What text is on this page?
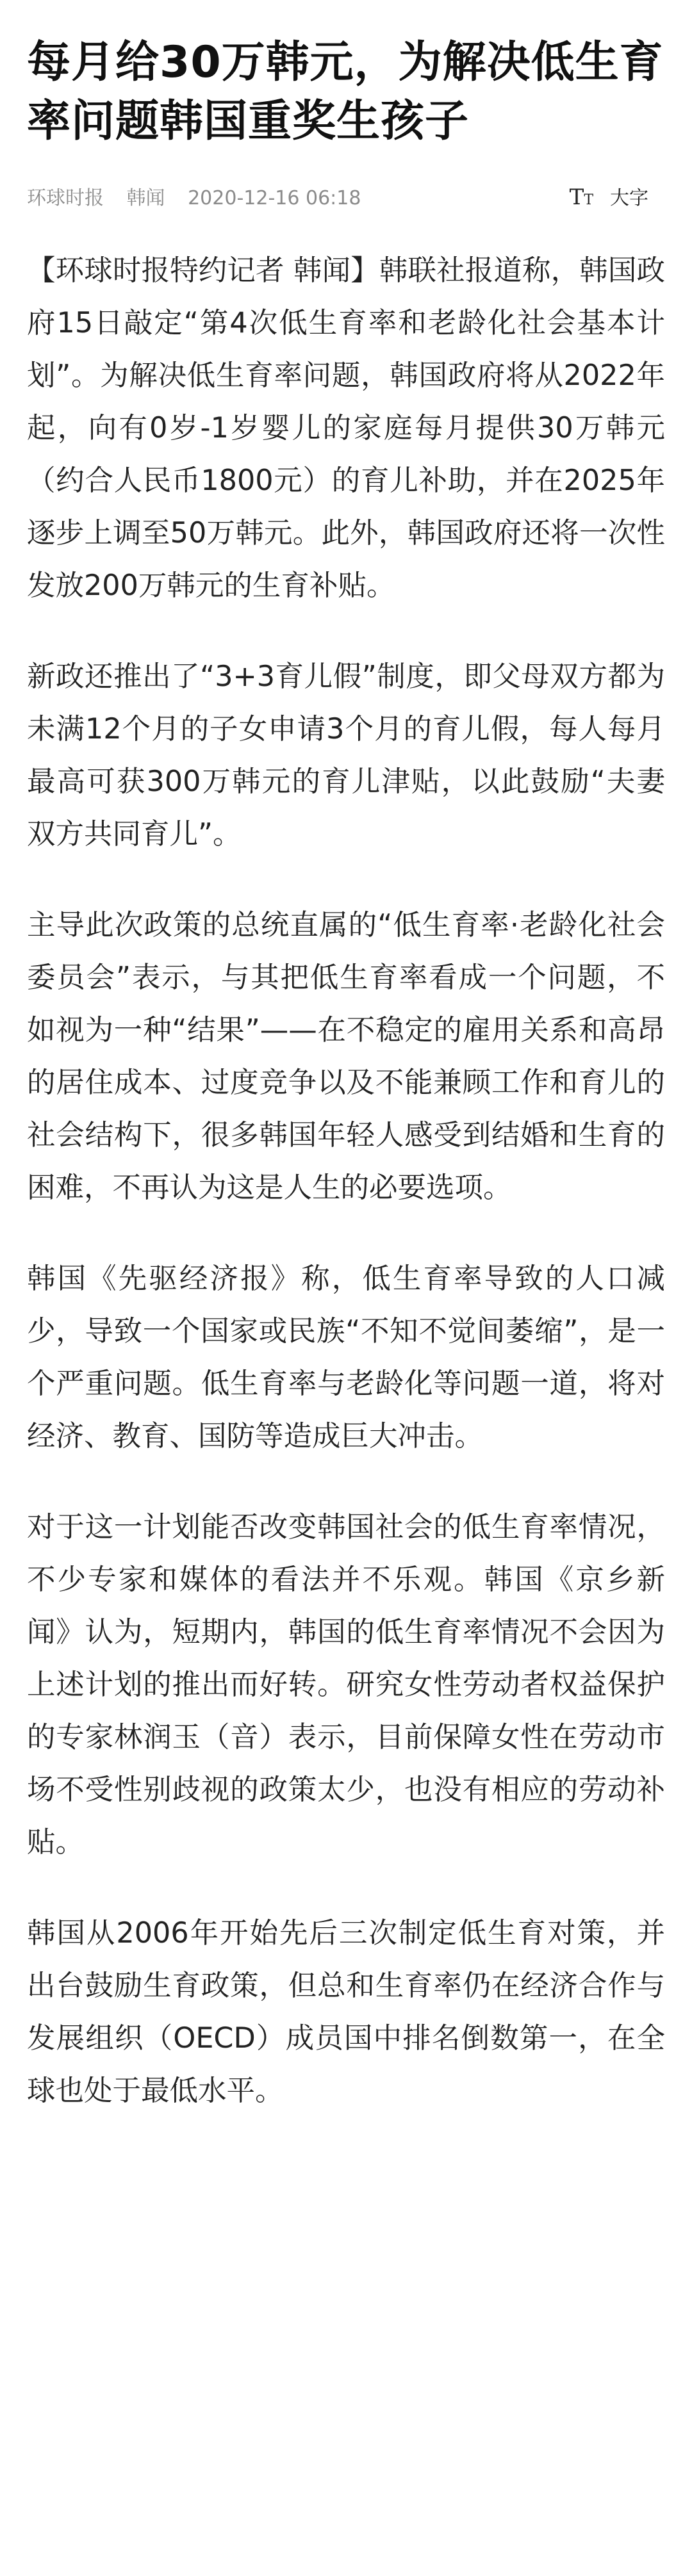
每月给30万韩元，为解决低生育率问题韩国重奖生孩子
环球时报 韩闻 2020-12-16 06:18	TT 大字

【环球时报特约记者 韩闻】韩联社报道称，韩国政府15日敲定“第4次低生育率和老龄化社会基本计划”。为解决低生育率问题，韩国政府将从2022年起，向有0岁-1岁婴儿的家庭每月提供30万韩元（约合人民币1800元）的育儿补助，并在2025年逐步上调至50万韩元。此外，韩国政府还将一次性发放200万韩元的生育补贴。

新政还推出了“3+3育儿假”制度，即父母双方都为未满12个月的子女申请3个月的育儿假，每人每月最高可获300万韩元的育儿津贴，以此鼓励“夫妻双方共同育儿”。

主导此次政策的总统直属的“低生育率·老龄化社会委员会”表示，与其把低生育率看成一个问题，不如视为一种“结果”——在不稳定的雇用关系和高昂的居住成本、过度竞争以及不能兼顾工作和育儿的社会结构下，很多韩国年轻人感受到结婚和生育的困难，不再认为这是人生的必要选项。

韩国《先驱经济报》称，低生育率导致的人口减少，导致一个国家或民族“不知不觉间萎缩”，是一个严重问题。低生育率与老龄化等问题一道，将对经济、教育、国防等造成巨大冲击。

对于这一计划能否改变韩国社会的低生育率情况，不少专家和媒体的看法并不乐观。韩国《京乡新闻》认为，短期内，韩国的低生育率情况不会因为上述计划的推出而好转。研究女性劳动者权益保护的专家林润玉（音）表示，目前保障女性在劳动市场不受性别歧视的政策太少，也没有相应的劳动补贴。

韩国从2006年开始先后三次制定低生育对策，并出台鼓励生育政策，但总和生育率仍在经济合作与发展组织（OECD）成员国中排名倒数第一，在全球也处于最低水平。
